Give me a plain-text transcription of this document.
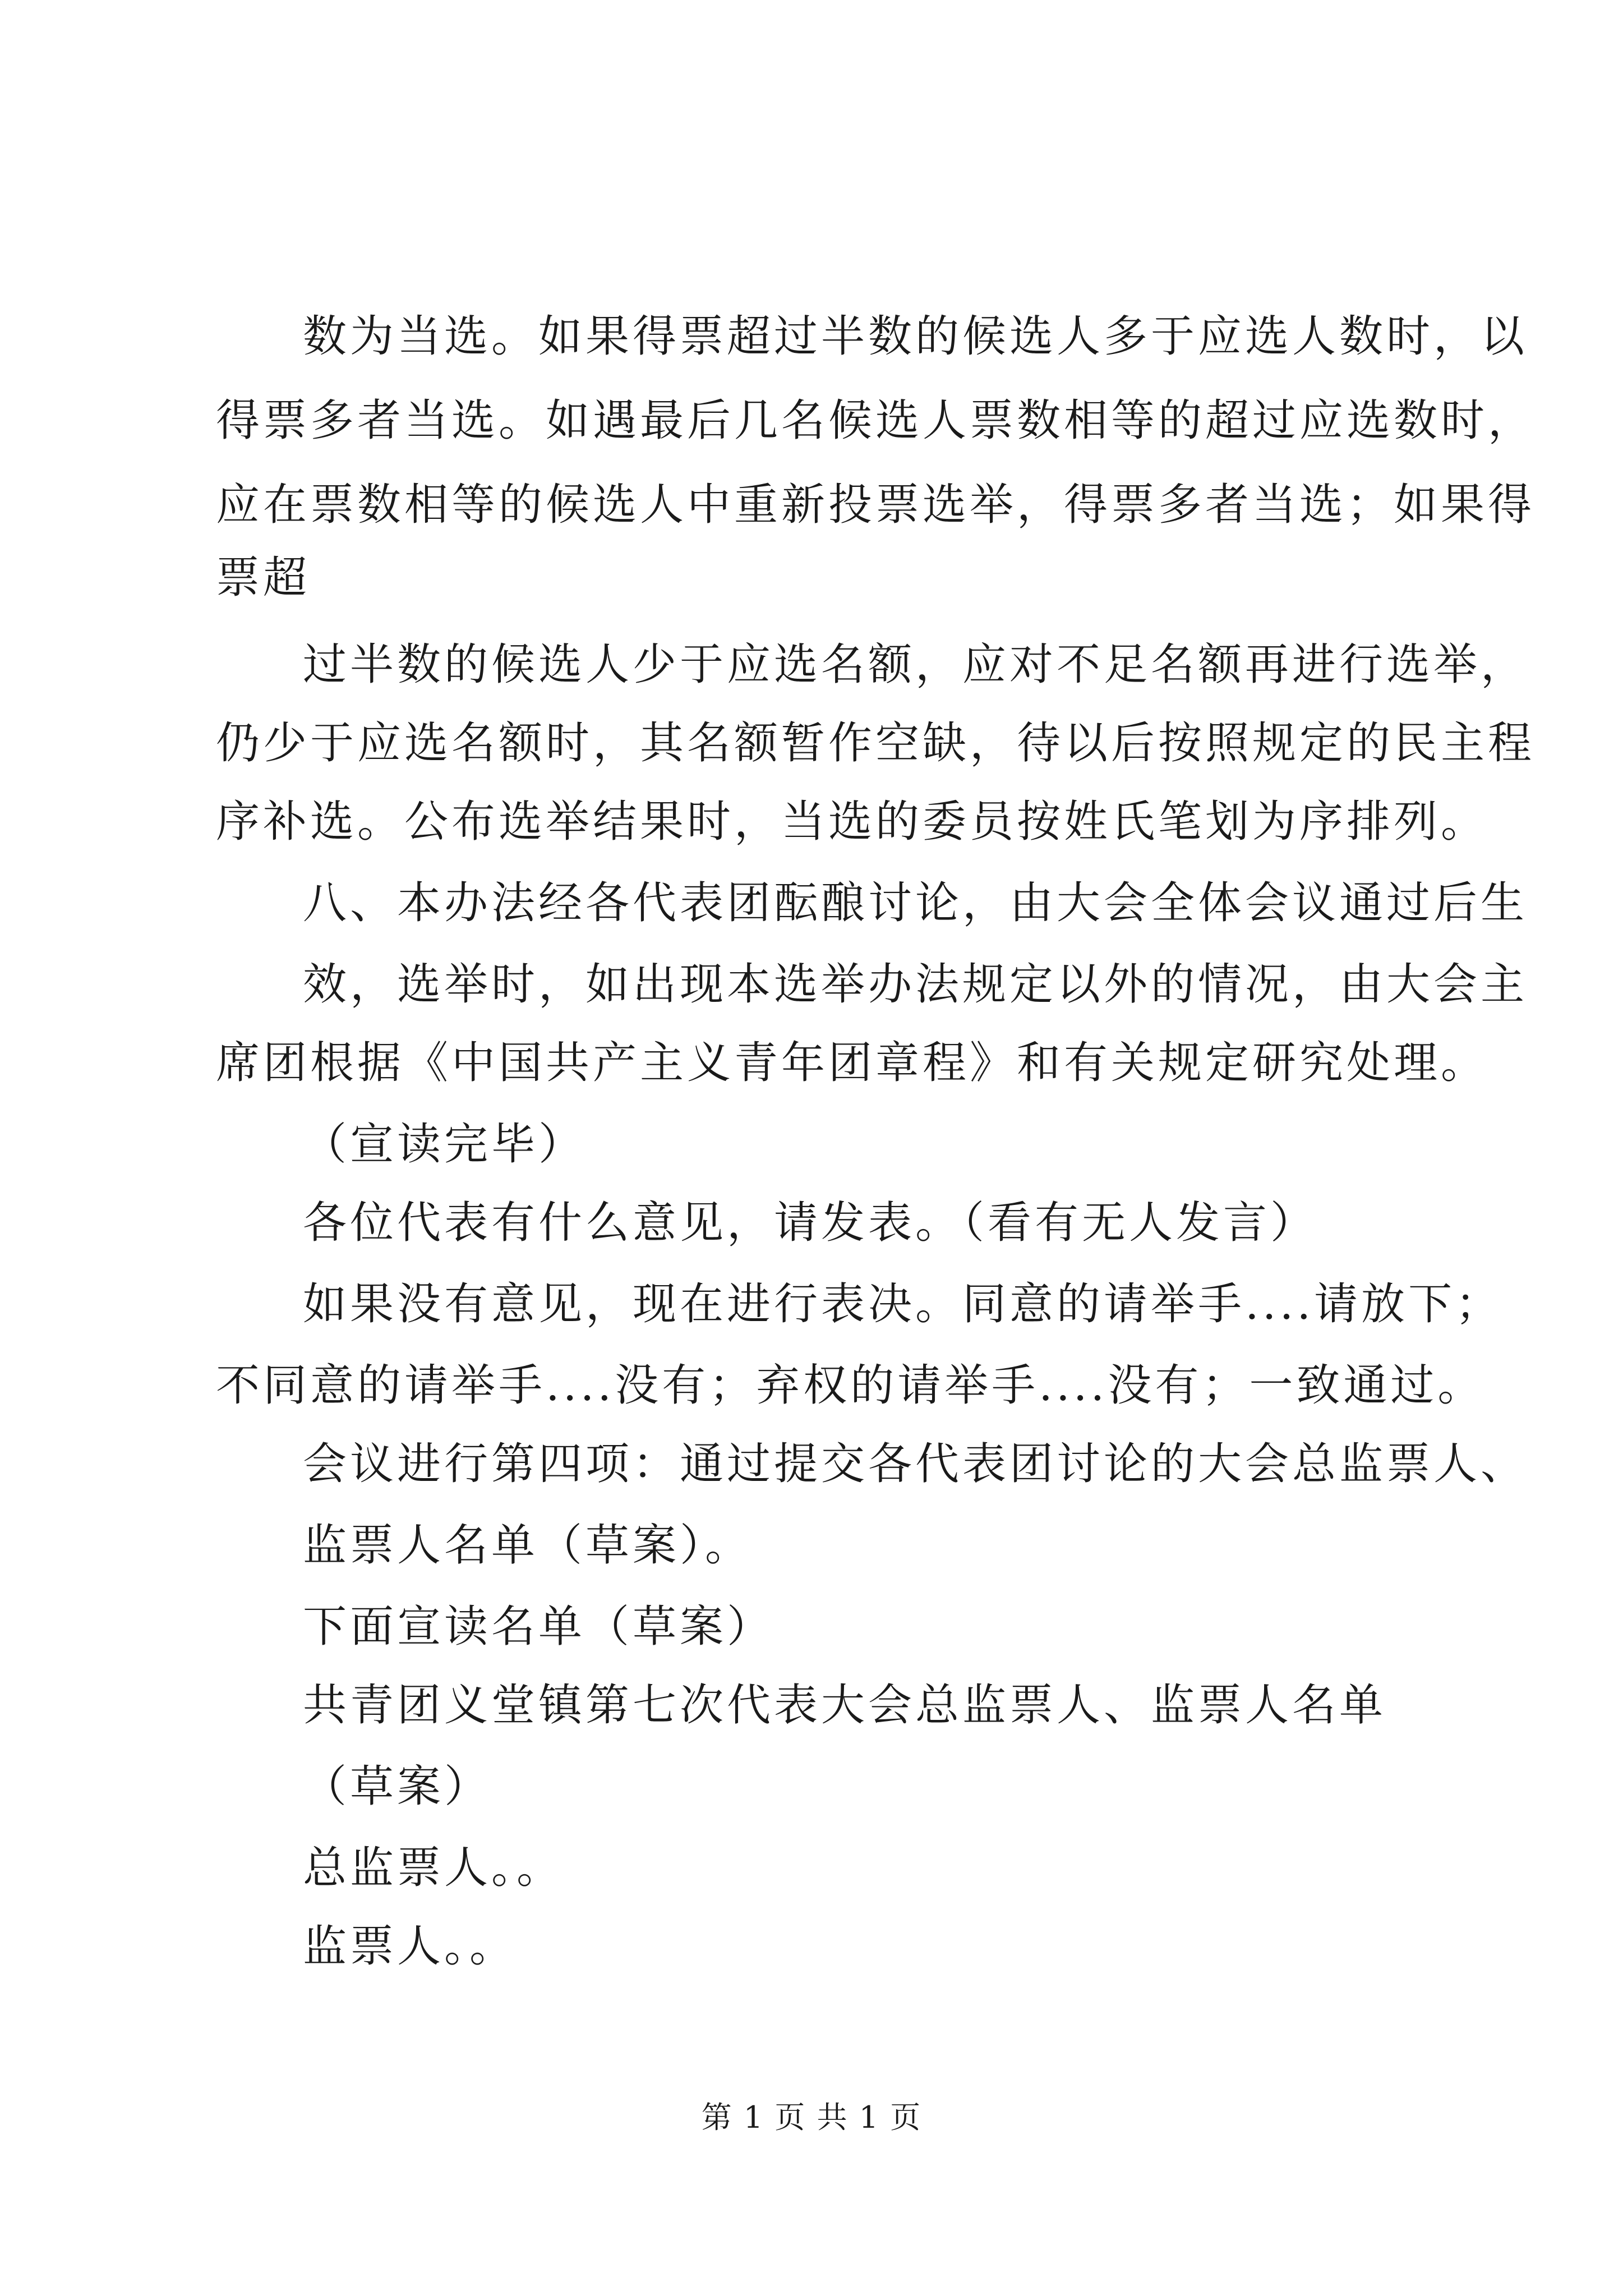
数为当选。如果得票超过半数的候选人多于应选人数时，以
得票多者当选。如遇最后几名候选人票数相等的超过应选数时，
应在票数相等的候选人中重新投票选举，得票多者当选；如果得
票超
过半数的候选人少于应选名额，应对不足名额再进行选举，
仍少于应选名额时，其名额暂作空缺，待以后按照规定的民主程
序补选。公布选举结果时，当选的委员按姓氏笔划为序排列。
八、本办法经各代表团酝酿讨论，由大会全体会议通过后生
效，选举时，如出现本选举办法规定以外的情况，由大会主
席团根据《中国共产主义青年团章程》和有关规定研究处理。
（宣读完毕）
各位代表有什么意见，请发表。（看有无人发言）
如果没有意见，现在进行表决。同意的请举手....请放下；
不同意的请举手....没有；弃权的请举手....没有；一致通过。
会议进行第四项：通过提交各代表团讨论的大会总监票人、
监票人名单（草案）。
下面宣读名单（草案）
共青团义堂镇第七次代表大会总监票人、监票人名单
（草案）
总监票人。。
监票人。。
第 1 页 共 1 页
